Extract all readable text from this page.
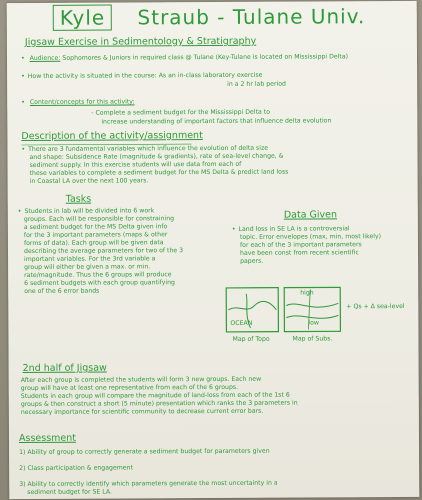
Kyle Straub - Tulane Univ.
Jigsaw Exercise in Sedimentology & Stratigraphy
• Audience: Sophomores & Juniors in required class @ Tulane (Key-Tulane is located on Mississippi Delta)
• How the activity is situated in the course: As an in-class laboratory exercise
in a 2 hr lab period
• Content/concepts for this activity:
- Complete a sediment budget for the Mississippi Delta to
increase understanding of important factors that influence delta evolution
Description of the activity/assignment
• There are 3 fundamental variables which influence the evolution of delta size
and shape: Subsidence Rate (magnitude & gradients), rate of sea-level change, &
sediment supply. In this exercise students will use data from each of
these variables to complete a sediment budget for the MS Delta & predict land loss
in Coastal LA over the next 100 years.
Tasks
• Students in lab will be divided into 6 work
groups. Each will be responsible for constraining
a sediment budget for the MS Delta given info
for the 3 important parameters (maps & other
forms of data). Each group will be given data
describing the average parameters for two of the 3
important variables. For the 3rd variable a
group will either be given a max. or min.
rate/magnitude. Thus the 6 groups will produce
6 sediment budgets with each group quantifying
one of the 6 error bands
Data Given
• Land loss in SE LA is a controversial
topic. Error envelopes (max, min, most likely)
for each of the 3 important parameters
have been const from recent scientific
papers.
high
low
OCEAN
Map of Topo	Map of Subs.
+ Qs + Δ sea-level
2nd half of Jigsaw
After each group is completed the students will form 3 new groups. Each new
group will have at least one representative from each of the 6 groups.
Students in each group will compare the magnitude of land-loss from each of the 1st 6
groups & then construct a short (5 minute) presentation which ranks the 3 parameters in
necessary importance for scientific community to decrease current error bars.
Assessment
1) Ability of group to correctly generate a sediment budget for parameters given
2) Class participation & engagement
3) Ability to correctly identify which parameters generate the most uncertainty in a
sediment budget for SE LA.
